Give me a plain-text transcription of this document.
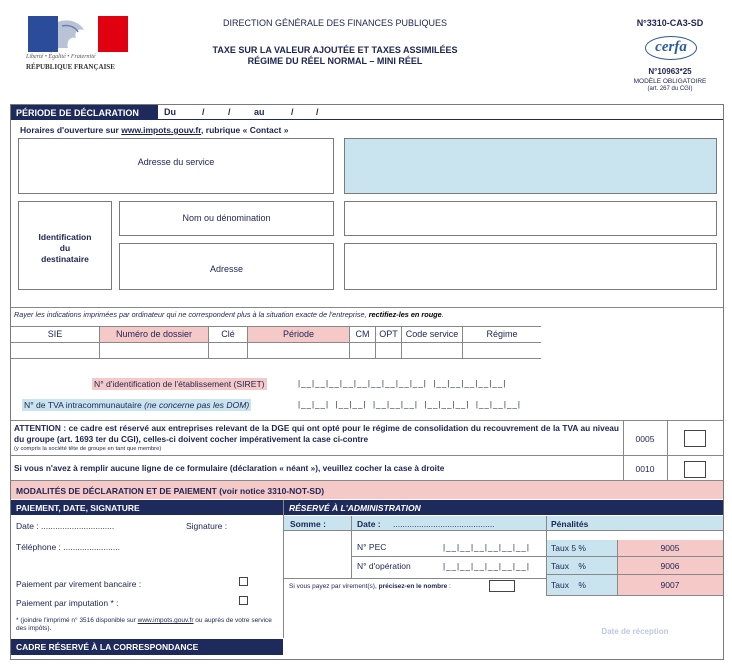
Liberté • Égalité • Fraternité
RÉPUBLIQUE FRANÇAISE
DIRECTION GÉNÉRALE DES FINANCES PUBLIQUES
TAXE SUR LA VALEUR AJOUTÉE ET TAXES ASSIMILÉES
RÉGIME DU RÉEL NORMAL – MINI RÉEL
N°3310-CA3-SD
cerfa
N°10963*25
MODÈLE OBLIGATOIRE
(art. 267 du CGI)
PÉRIODE DE DÉCLARATION	Du	/	/	au	/ /
Horaires d'ouverture sur www.impots.gouv.fr, rubrique « Contact »
Adresse du service
Identification
du
destinataire
Nom ou dénomination
Adresse
Rayer les indications imprimées par ordinateur qui ne correspondent plus à la situation exacte de l'entreprise, rectifiez-les en rouge.
SIE	Numéro de dossier	Clé	Période	CM	OPT Code service	Régime
N° d'identification de l'établissement (SIRET)	|__|__|__|__|__|__|__|__|__| |__|__|__|__|__|
N° de TVA intracommunautaire (ne concerne pas les DOM)	|__|__| |__|__| |__|__|__| |__|__|__| |__|__|__|
ATTENTION : ce cadre est réservé aux entreprises relevant de la DGE qui ont opté pour le régime de consolidation du recouvrement de la TVA au niveau du groupe (art. 1693 ter du CGI), celles-ci doivent cocher impérativement la case ci-contre
(y compris la société tête de groupe en tant que membre)
0005
Si vous n'avez à remplir aucune ligne de ce formulaire (déclaration « néant »), veuillez cocher la case à droite	0010
MODALITÉS DE DÉCLARATION ET DE PAIEMENT (voir notice 3310-NOT-SD)
PAIEMENT, DATE, SIGNATURE
Date : ...............................	Signature :
Téléphone : ........................
Paiement par virement bancaire :
Paiement par imputation * :
* (joindre l'imprimé n° 3516 disponible sur www.impots.gouv.fr ou auprès de votre service des impôts).
RÉSERVÉ À L'ADMINISTRATION
Somme :	Date : ...........................................
N° PEC	|__|__|__|__|__|__|
N° d'opération	|__|__|__|__|__|__|
Si vous payez par virement(s), précisez-en le nombre :
Date de réception
Pénalités
Taux 5 %	9005
Taux    %	9006
Taux    %	9007
CADRE RÉSERVÉ À LA CORRESPONDANCE
